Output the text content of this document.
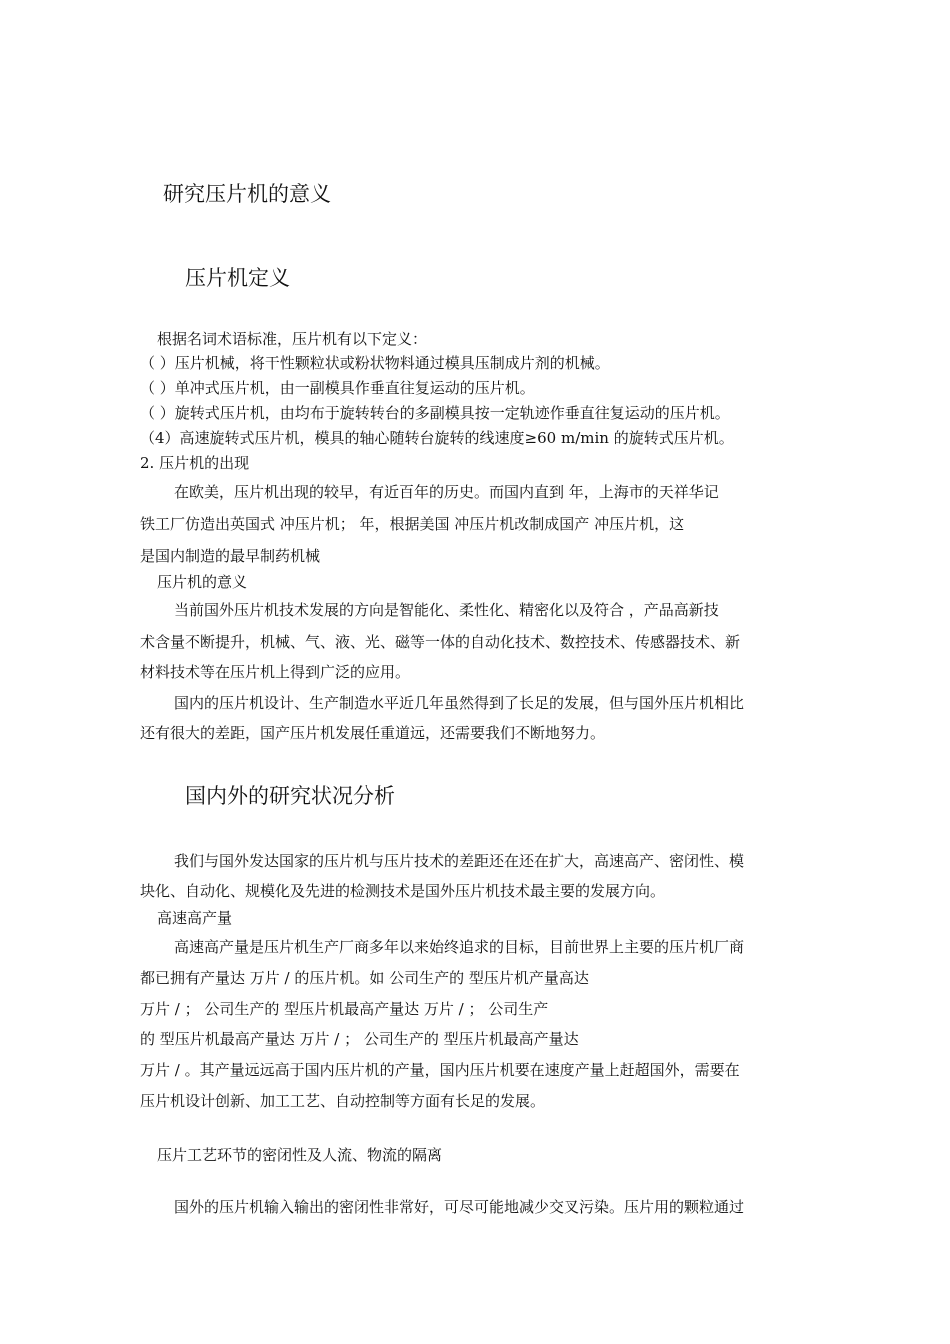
研究压片机的意义
压片机定义
根据名词术语标准，压片机有以下定义：
（ ）压片机械，将干性颗粒状或粉状物料通过模具压制成片剂的机械。
（ ）单冲式压片机，由一副模具作垂直往复运动的压片机。
（ ）旋转式压片机，由均布于旋转转台的多副模具按一定轨迹作垂直往复运动的压片机。
（4）高速旋转式压片机，模具的轴心随转台旋转的线速度≥60 m/min 的旋转式压片机。
2. 压片机的出现
在欧美，压片机出现的较早，有近百年的历史。而国内直到 年，上海市的天祥华记
铁工厂仿造出英国式 冲压片机； 年，根据美国 冲压片机改制成国产 冲压片机，这
是国内制造的最早制药机械
压片机的意义
当前国外压片机技术发展的方向是智能化、柔性化、精密化以及符合 ，产品高新技
术含量不断提升，机械、气、液、光、磁等一体的自动化技术、数控技术、传感器技术、新
材料技术等在压片机上得到广泛的应用。
国内的压片机设计、生产制造水平近几年虽然得到了长足的发展，但与国外压片机相比
还有很大的差距，国产压片机发展任重道远，还需要我们不断地努力。
国内外的研究状况分析
我们与国外发达国家的压片机与压片技术的差距还在还在扩大，高速高产、密闭性、模
块化、自动化、规模化及先进的检测技术是国外压片机技术最主要的发展方向。
高速高产量
高速高产量是压片机生产厂商多年以来始终追求的目标，目前世界上主要的压片机厂商
都已拥有产量达 万片 / 的压片机。如 公司生产的 型压片机产量高达
万片 / ； 公司生产的 型压片机最高产量达 万片 / ； 公司生产
的 型压片机最高产量达 万片 / ； 公司生产的 型压片机最高产量达
万片 / 。其产量远远高于国内压片机的产量，国内压片机要在速度产量上赶超国外，需要在
压片机设计创新、加工工艺、自动控制等方面有长足的发展。
压片工艺环节的密闭性及人流、物流的隔离
国外的压片机输入输出的密闭性非常好，可尽可能地减少交叉污染。压片用的颗粒通过
